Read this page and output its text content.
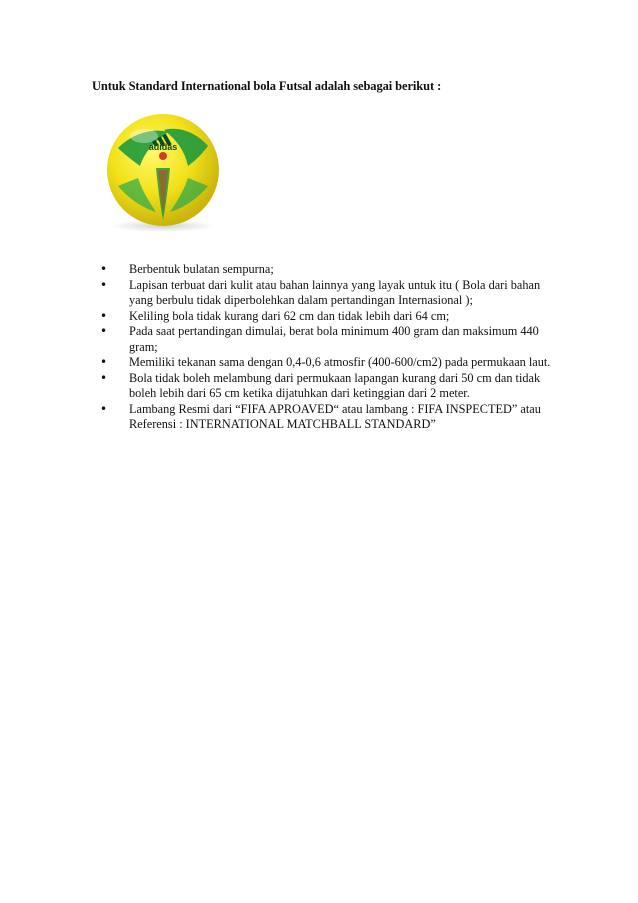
Untuk Standard International bola Futsal adalah sebagai berikut :
adidas
• Berbentuk bulatan sempurna;
• Lapisan terbuat dari kulit atau bahan lainnya yang layak untuk itu ( Bola dari bahan yang berbulu tidak diperbolehkan dalam pertandingan Internasional );
• Keliling bola tidak kurang dari 62 cm dan tidak lebih dari 64 cm;
• Pada saat pertandingan dimulai, berat bola minimum 400 gram dan maksimum 440 gram;
• Memiliki tekanan sama dengan 0,4-0,6 atmosfir (400-600/cm2) pada permukaan laut.
• Bola tidak boleh melambung dari permukaan lapangan kurang dari 50 cm dan tidak boleh lebih dari 65 cm ketika dijatuhkan dari ketinggian dari 2 meter.
• Lambang Resmi dari “FIFA APROAVED“ atau lambang : FIFA INSPECTED” atau Referensi : INTERNATIONAL MATCHBALL STANDARD”
